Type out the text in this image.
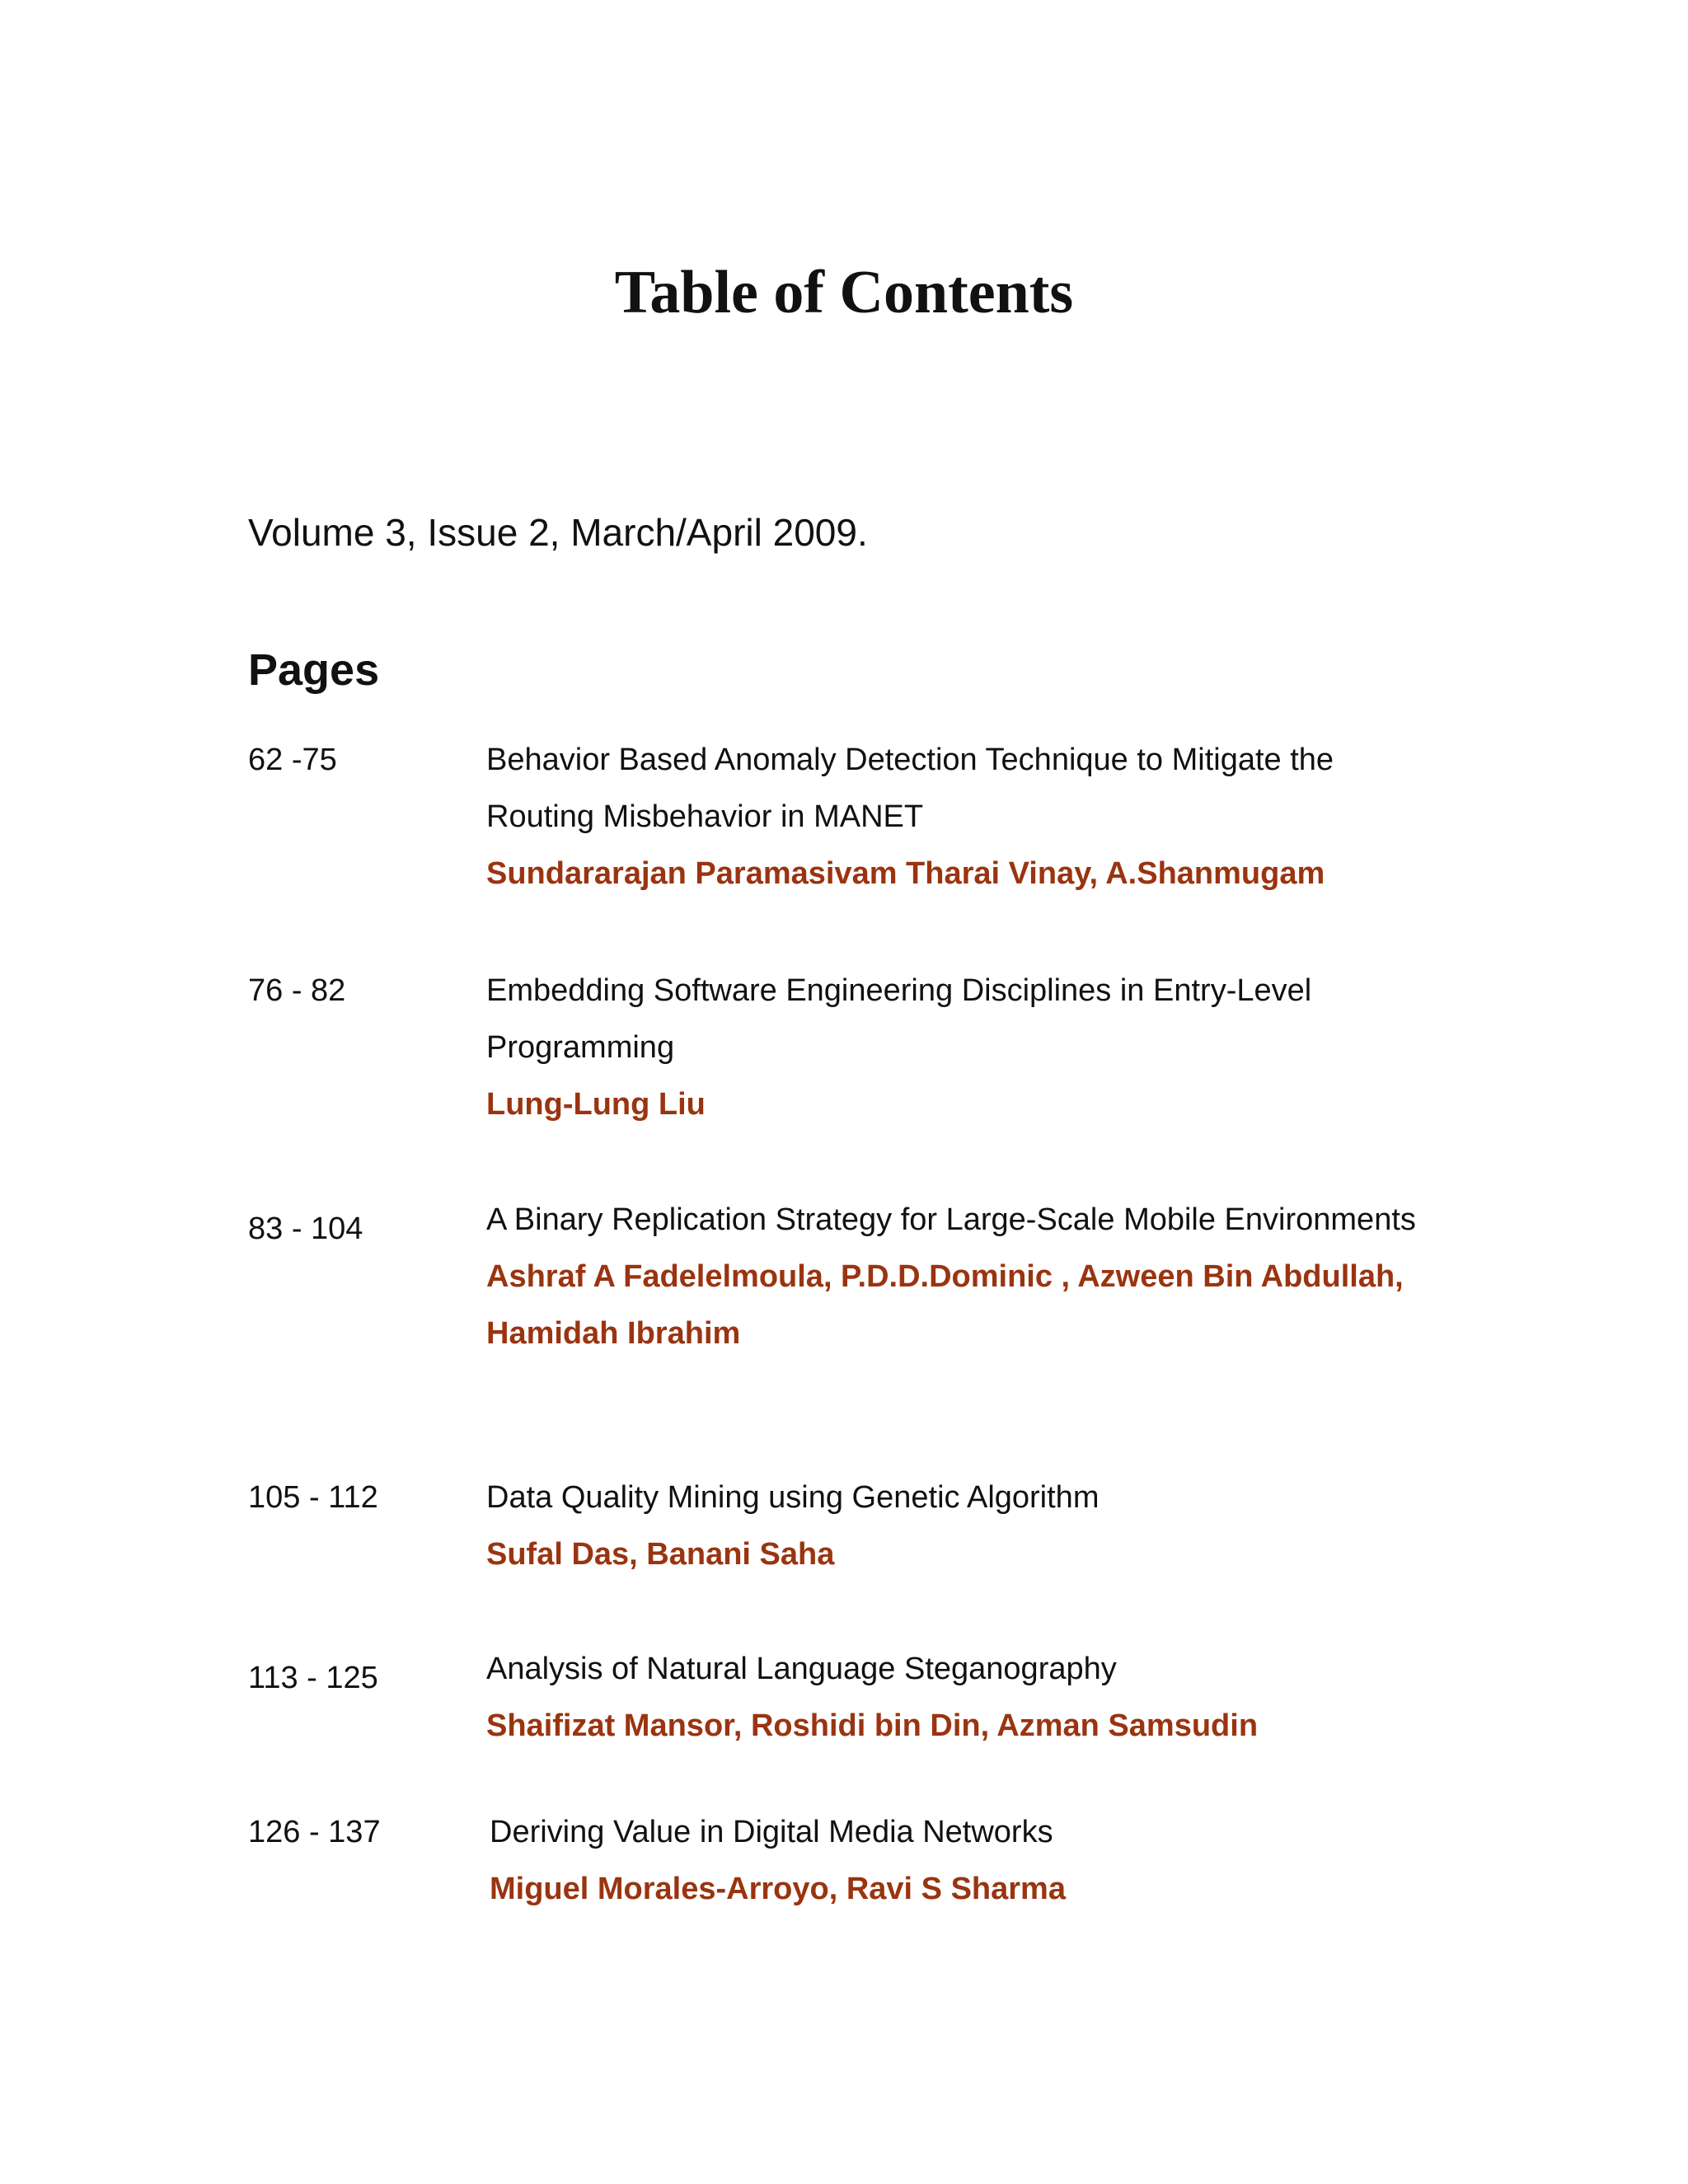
Table of Contents
Volume 3, Issue 2, March/April 2009.
Pages
62 -75	Behavior Based Anomaly Detection Technique to Mitigate the Routing Misbehavior in MANET
Sundararajan Paramasivam Tharai Vinay, A.Shanmugam
76 - 82	Embedding Software Engineering Disciplines in Entry-Level Programming
Lung-Lung Liu
83 - 104	A Binary Replication Strategy for Large-Scale Mobile Environments
Ashraf A Fadelelmoula, P.D.D.Dominic , Azween Bin Abdullah, Hamidah Ibrahim
105 - 112	Data Quality Mining using Genetic Algorithm
Sufal Das, Banani Saha
113 - 125	Analysis of Natural Language Steganography
Shaifizat Mansor, Roshidi bin Din, Azman Samsudin
126 - 137	Deriving Value in Digital Media Networks
Miguel Morales-Arroyo, Ravi S Sharma
